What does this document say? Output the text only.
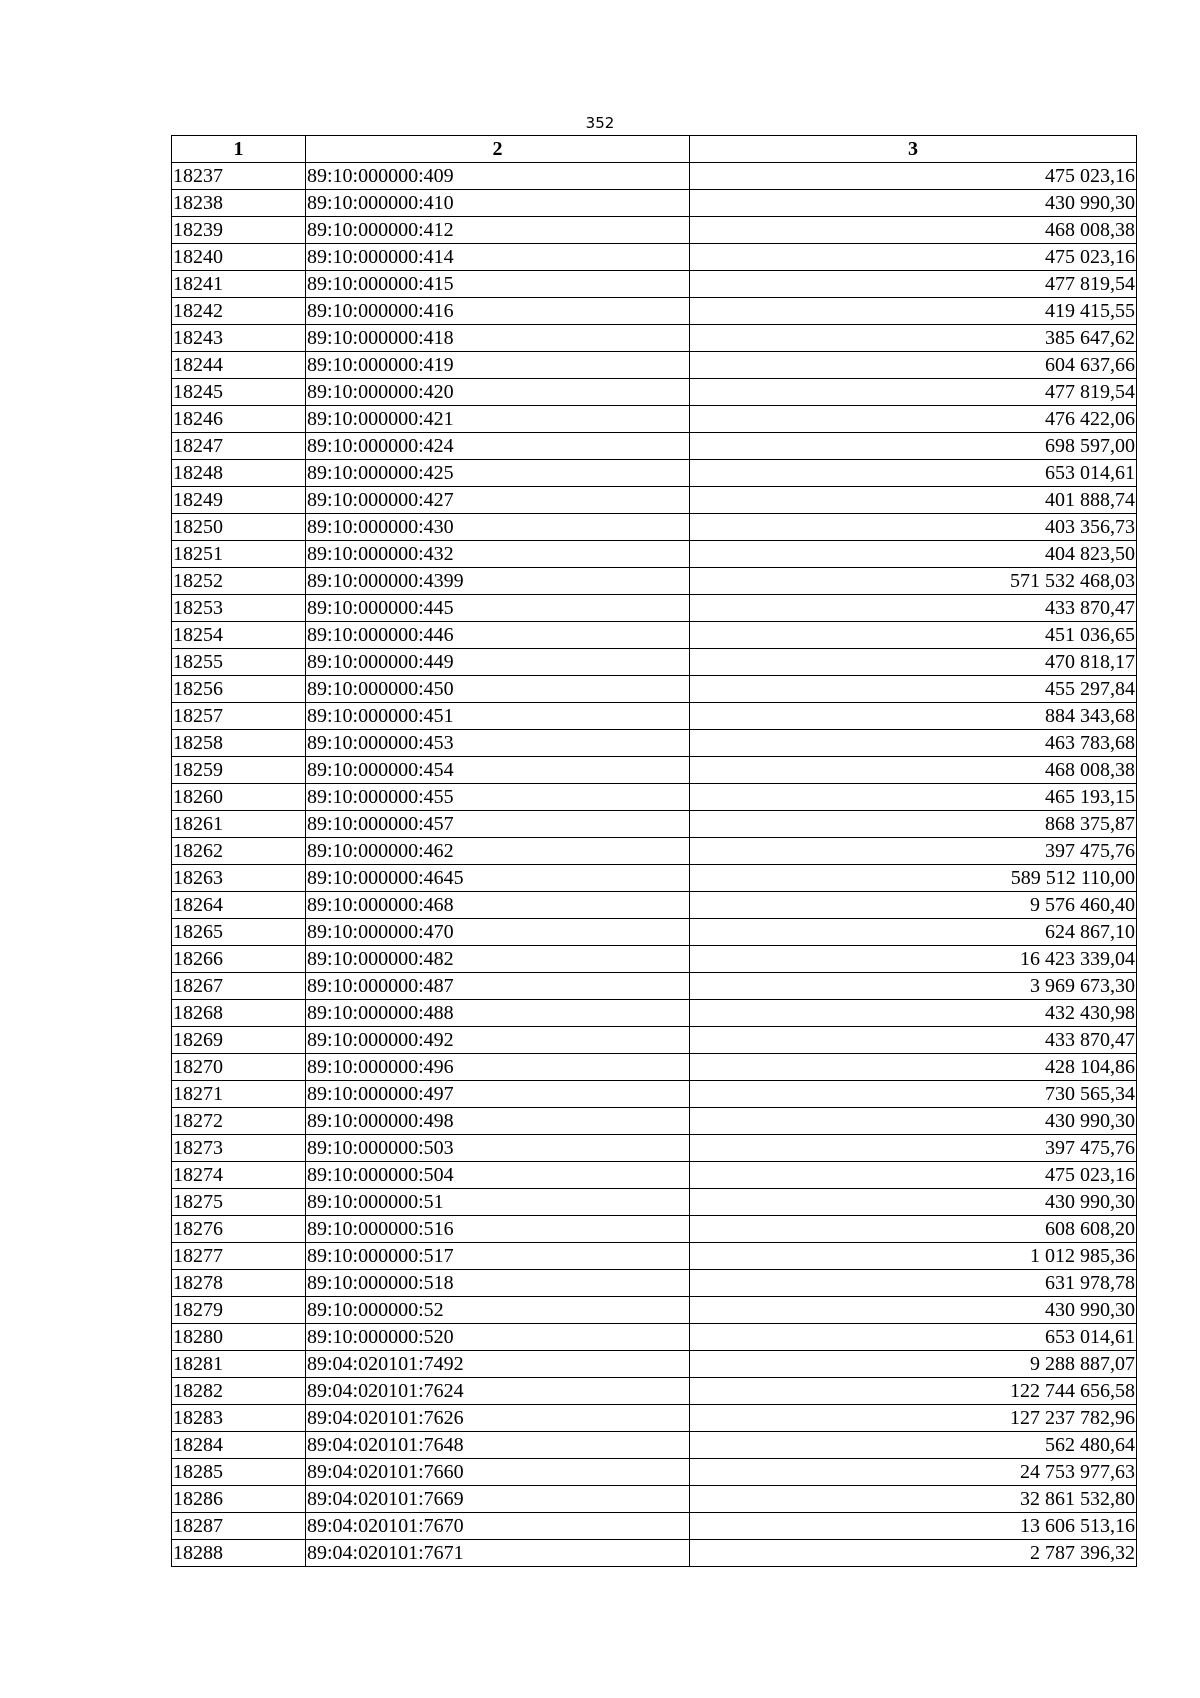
352
1	2	3
18237	89:10:000000:409	475 023,16
18238	89:10:000000:410	430 990,30
18239	89:10:000000:412	468 008,38
18240	89:10:000000:414	475 023,16
18241	89:10:000000:415	477 819,54
18242	89:10:000000:416	419 415,55
18243	89:10:000000:418	385 647,62
18244	89:10:000000:419	604 637,66
18245	89:10:000000:420	477 819,54
18246	89:10:000000:421	476 422,06
18247	89:10:000000:424	698 597,00
18248	89:10:000000:425	653 014,61
18249	89:10:000000:427	401 888,74
18250	89:10:000000:430	403 356,73
18251	89:10:000000:432	404 823,50
18252	89:10:000000:4399	571 532 468,03
18253	89:10:000000:445	433 870,47
18254	89:10:000000:446	451 036,65
18255	89:10:000000:449	470 818,17
18256	89:10:000000:450	455 297,84
18257	89:10:000000:451	884 343,68
18258	89:10:000000:453	463 783,68
18259	89:10:000000:454	468 008,38
18260	89:10:000000:455	465 193,15
18261	89:10:000000:457	868 375,87
18262	89:10:000000:462	397 475,76
18263	89:10:000000:4645	589 512 110,00
18264	89:10:000000:468	9 576 460,40
18265	89:10:000000:470	624 867,10
18266	89:10:000000:482	16 423 339,04
18267	89:10:000000:487	3 969 673,30
18268	89:10:000000:488	432 430,98
18269	89:10:000000:492	433 870,47
18270	89:10:000000:496	428 104,86
18271	89:10:000000:497	730 565,34
18272	89:10:000000:498	430 990,30
18273	89:10:000000:503	397 475,76
18274	89:10:000000:504	475 023,16
18275	89:10:000000:51	430 990,30
18276	89:10:000000:516	608 608,20
18277	89:10:000000:517	1 012 985,36
18278	89:10:000000:518	631 978,78
18279	89:10:000000:52	430 990,30
18280	89:10:000000:520	653 014,61
18281	89:04:020101:7492	9 288 887,07
18282	89:04:020101:7624	122 744 656,58
18283	89:04:020101:7626	127 237 782,96
18284	89:04:020101:7648	562 480,64
18285	89:04:020101:7660	24 753 977,63
18286	89:04:020101:7669	32 861 532,80
18287	89:04:020101:7670	13 606 513,16
18288	89:04:020101:7671	2 787 396,32
